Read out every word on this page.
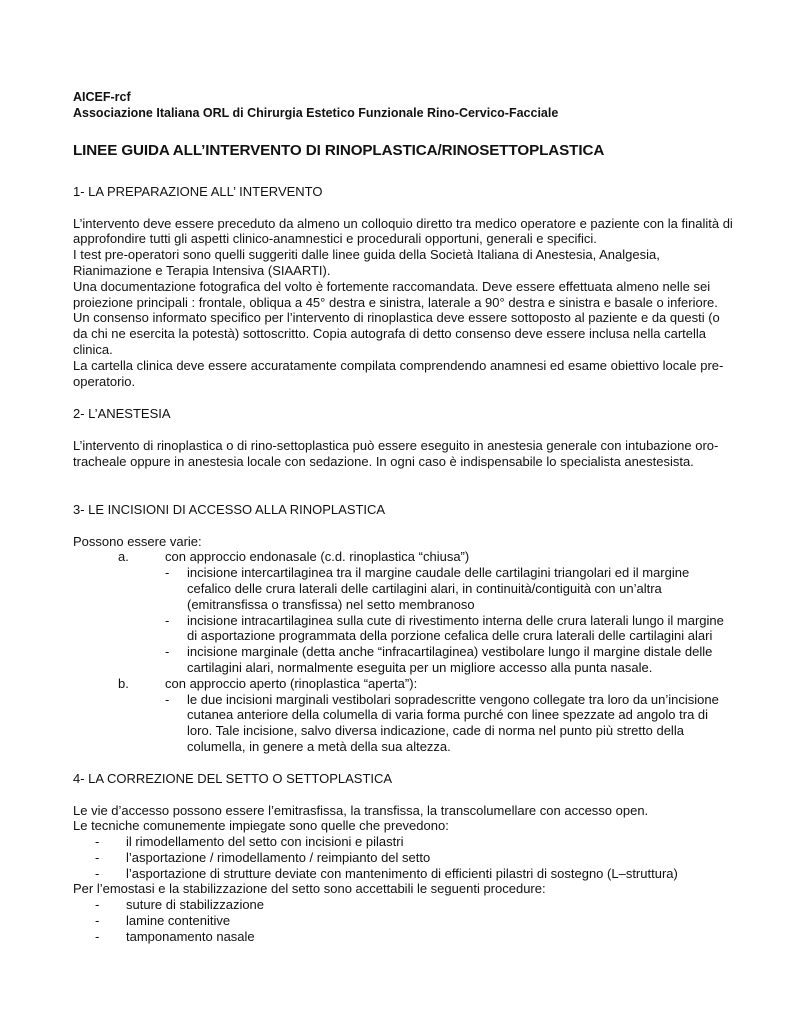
AICEF-rcf
Associazione Italiana ORL di Chirurgia Estetico Funzionale Rino-Cervico-Facciale
LINEE GUIDA ALL’INTERVENTO DI RINOPLASTICA/RINOSETTOPLASTICA

1- LA PREPARAZIONE ALL’ INTERVENTO

L’intervento deve essere preceduto da almeno un colloquio diretto tra medico operatore e paziente con la finalità di approfondire tutti gli aspetti clinico-anamnestici e procedurali opportuni, generali e specifici.

I test pre-operatori sono quelli suggeriti dalle linee guida della Società Italiana di Anestesia, Analgesia, Rianimazione e Terapia Intensiva (SIAARTI).

Una documentazione fotografica del volto è fortemente raccomandata. Deve essere effettuata almeno nelle sei proiezione principali : frontale, obliqua a 45° destra e sinistra, laterale a 90° destra e sinistra e basale o inferiore.

Un consenso informato specifico per l’intervento di rinoplastica deve essere sottoposto al paziente e da questi (o da chi ne esercita la potestà) sottoscritto. Copia autografa di detto consenso deve essere inclusa nella cartella clinica.

La cartella clinica deve essere accuratamente compilata comprendendo anamnesi ed esame obiettivo locale pre-operatorio.

2- L’ANESTESIA

L’intervento di rinoplastica o di rino-settoplastica può essere eseguito in anestesia generale con intubazione oro-tracheale oppure in anestesia locale con sedazione. In ogni caso è indispensabile lo specialista anestesista.

3- LE INCISIONI DI ACCESSO ALLA RINOPLASTICA

Possono essere varie:

a.	con approccio endonasale (c.d. rinoplastica “chiusa”)
-	incisione intercartilaginea tra il margine caudale delle cartilagini triangolari ed il margine cefalico delle crura laterali delle cartilagini alari, in continuità/contiguità con un’altra (emitransfissa o transfissa) nel setto membranoso
-	incisione intracartilaginea sulla cute di rivestimento interna delle crura laterali lungo il margine di asportazione programmata della porzione cefalica delle crura laterali delle cartilagini alari
-	incisione marginale (detta anche “infracartilaginea) vestibolare lungo il margine distale delle cartilagini alari, normalmente eseguita per un migliore accesso alla punta nasale.
b.	con approccio aperto (rinoplastica “aperta”):
-	le due incisioni marginali vestibolari sopradescritte vengono collegate tra loro da un’incisione cutanea anteriore della columella di varia forma purché con linee spezzate ad angolo tra di loro. Tale incisione, salvo diversa indicazione, cade di norma nel punto più stretto della columella, in genere a metà della sua altezza.

4- LA CORREZIONE DEL SETTO O SETTOPLASTICA

Le vie d’accesso possono essere l’emitrasfissa, la transfissa, la transcolumellare con accesso open.

Le tecniche comunemente impiegate sono quelle che prevedono:

-	il rimodellamento del setto con incisioni e pilastri
-	l’asportazione / rimodellamento / reimpianto del setto
-	l’asportazione di strutture deviate con mantenimento di efficienti pilastri di sostegno (L–struttura)

Per l’emostasi e la stabilizzazione del setto sono accettabili le seguenti procedure:

-	suture di stabilizzazione
-	lamine contenitive
-	tamponamento nasale
